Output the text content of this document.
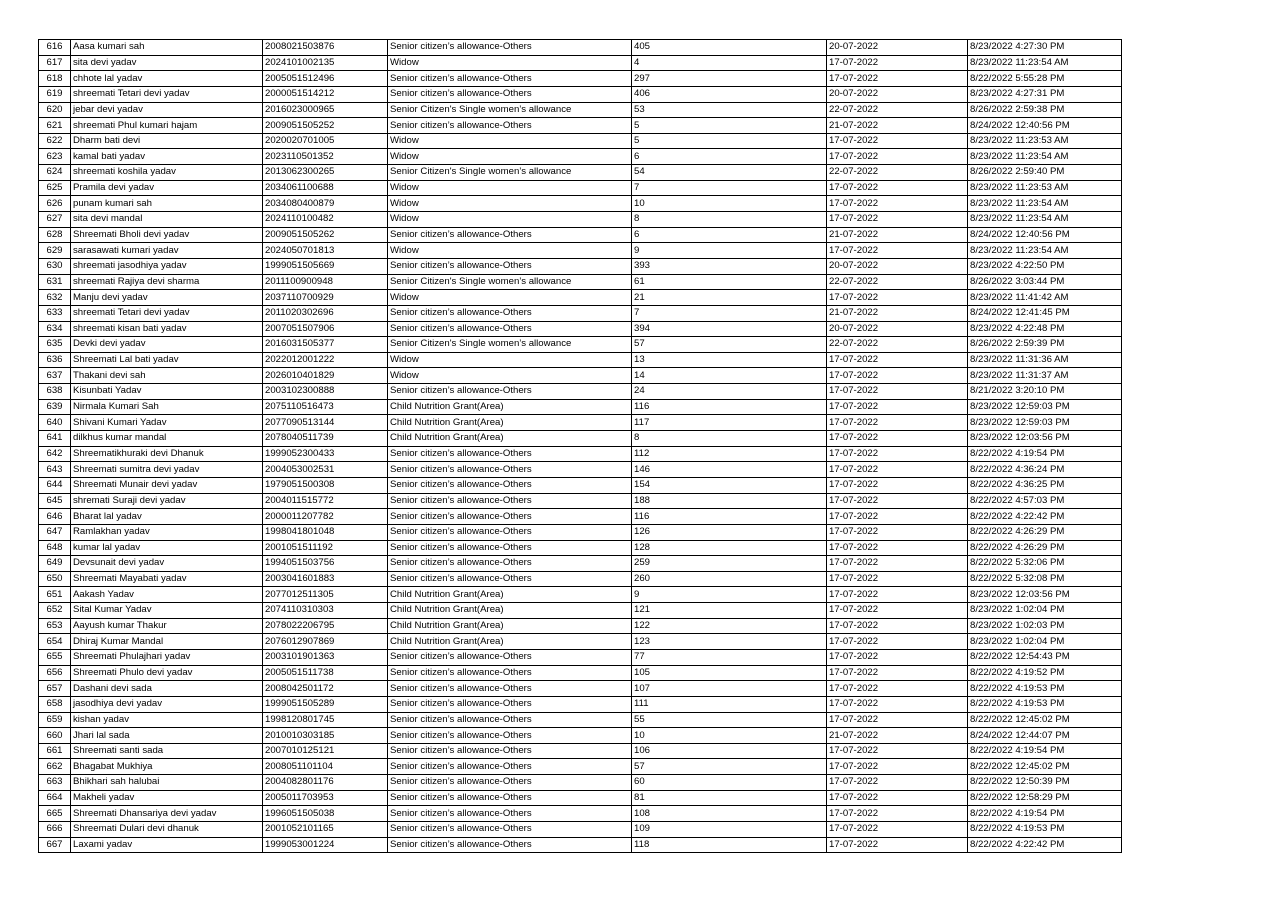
616	Aasa kumari sah	2008021503876	Senior citizen’s allowance-Others	405	20-07-2022	8/23/2022 4:27:30 PM
617	sita devi yadav	2024101002135	Widow	4	17-07-2022	8/23/2022 11:23:54 AM
618	chhote lal yadav	2005051512496	Senior citizen’s allowance-Others	297	17-07-2022	8/22/2022 5:55:28 PM
619	shreemati Tetari devi yadav	2000051514212	Senior citizen’s allowance-Others	406	20-07-2022	8/23/2022 4:27:31 PM
620	jebar devi yadav	2016023000965	Senior Citizen's Single women’s allowance	53	22-07-2022	8/26/2022 2:59:38 PM
621	shreemati Phul kumari hajam	2009051505252	Senior citizen’s allowance-Others	5	21-07-2022	8/24/2022 12:40:56 PM
622	Dharm bati devi	2020020701005	Widow	5	17-07-2022	8/23/2022 11:23:53 AM
623	kamal bati yadav	2023110501352	Widow	6	17-07-2022	8/23/2022 11:23:54 AM
624	shreemati koshila yadav	2013062300265	Senior Citizen's Single women’s allowance	54	22-07-2022	8/26/2022 2:59:40 PM
625	Pramila devi yadav	2034061100688	Widow	7	17-07-2022	8/23/2022 11:23:53 AM
626	punam kumari sah	2034080400879	Widow	10	17-07-2022	8/23/2022 11:23:54 AM
627	sita devi mandal	2024110100482	Widow	8	17-07-2022	8/23/2022 11:23:54 AM
628	Shreemati Bholi devi yadav	2009051505262	Senior citizen’s allowance-Others	6	21-07-2022	8/24/2022 12:40:56 PM
629	sarasawati kumari yadav	2024050701813	Widow	9	17-07-2022	8/23/2022 11:23:54 AM
630	shreemati jasodhiya yadav	1999051505669	Senior citizen’s allowance-Others	393	20-07-2022	8/23/2022 4:22:50 PM
631	shreemati Rajiya devi sharma	2011100900948	Senior Citizen's Single women’s allowance	61	22-07-2022	8/26/2022 3:03:44 PM
632	Manju devi yadav	2037110700929	Widow	21	17-07-2022	8/23/2022 11:41:42 AM
633	shreemati Tetari devi yadav	2011020302696	Senior citizen’s allowance-Others	7	21-07-2022	8/24/2022 12:41:45 PM
634	shreemati kisan bati yadav	2007051507906	Senior citizen’s allowance-Others	394	20-07-2022	8/23/2022 4:22:48 PM
635	Devki devi yadav	2016031505377	Senior Citizen's Single women’s allowance	57	22-07-2022	8/26/2022 2:59:39 PM
636	Shreemati Lal bati yadav	2022012001222	Widow	13	17-07-2022	8/23/2022 11:31:36 AM
637	Thakani devi sah	2026010401829	Widow	14	17-07-2022	8/23/2022 11:31:37 AM
638	Kisunbati Yadav	2003102300888	Senior citizen’s allowance-Others	24	17-07-2022	8/21/2022 3:20:10 PM
639	Nirmala Kumari Sah	2075110516473	Child Nutrition Grant(Area)	116	17-07-2022	8/23/2022 12:59:03 PM
640	Shivani Kumari Yadav	2077090513144	Child Nutrition Grant(Area)	117	17-07-2022	8/23/2022 12:59:03 PM
641	dilkhus kumar mandal	2078040511739	Child Nutrition Grant(Area)	8	17-07-2022	8/23/2022 12:03:56 PM
642	Shreematikhuraki devi Dhanuk	1999052300433	Senior citizen’s allowance-Others	112	17-07-2022	8/22/2022 4:19:54 PM
643	Shreemati sumitra devi yadav	2004053002531	Senior citizen’s allowance-Others	146	17-07-2022	8/22/2022 4:36:24 PM
644	Shreemati Munair devi yadav	1979051500308	Senior citizen’s allowance-Others	154	17-07-2022	8/22/2022 4:36:25 PM
645	shremati Suraji devi yadav	2004011515772	Senior citizen’s allowance-Others	188	17-07-2022	8/22/2022 4:57:03 PM
646	Bharat lal yadav	2000011207782	Senior citizen’s allowance-Others	116	17-07-2022	8/22/2022 4:22:42 PM
647	Ramlakhan yadav	1998041801048	Senior citizen’s allowance-Others	126	17-07-2022	8/22/2022 4:26:29 PM
648	kumar lal yadav	2001051511192	Senior citizen’s allowance-Others	128	17-07-2022	8/22/2022 4:26:29 PM
649	Devsunait devi yadav	1994051503756	Senior citizen’s allowance-Others	259	17-07-2022	8/22/2022 5:32:06 PM
650	Shreemati Mayabati yadav	2003041601883	Senior citizen’s allowance-Others	260	17-07-2022	8/22/2022 5:32:08 PM
651	Aakash Yadav	2077012511305	Child Nutrition Grant(Area)	9	17-07-2022	8/23/2022 12:03:56 PM
652	Sital Kumar Yadav	2074110310303	Child Nutrition Grant(Area)	121	17-07-2022	8/23/2022 1:02:04 PM
653	Aayush kumar Thakur	2078022206795	Child Nutrition Grant(Area)	122	17-07-2022	8/23/2022 1:02:03 PM
654	Dhiraj Kumar Mandal	2076012907869	Child Nutrition Grant(Area)	123	17-07-2022	8/23/2022 1:02:04 PM
655	Shreemati Phulajhari yadav	2003101901363	Senior citizen’s allowance-Others	77	17-07-2022	8/22/2022 12:54:43 PM
656	Shreemati Phulo devi yadav	2005051511738	Senior citizen’s allowance-Others	105	17-07-2022	8/22/2022 4:19:52 PM
657	Dashani devi sada	2008042501172	Senior citizen’s allowance-Others	107	17-07-2022	8/22/2022 4:19:53 PM
658	jasodhiya devi yadav	1999051505289	Senior citizen’s allowance-Others	111	17-07-2022	8/22/2022 4:19:53 PM
659	kishan yadav	1998120801745	Senior citizen’s allowance-Others	55	17-07-2022	8/22/2022 12:45:02 PM
660	Jhari lal sada	2010010303185	Senior citizen’s allowance-Others	10	21-07-2022	8/24/2022 12:44:07 PM
661	Shreemati santi sada	2007010125121	Senior citizen’s allowance-Others	106	17-07-2022	8/22/2022 4:19:54 PM
662	Bhagabat Mukhiya	2008051101104	Senior citizen’s allowance-Others	57	17-07-2022	8/22/2022 12:45:02 PM
663	Bhikhari sah halubai	2004082801176	Senior citizen’s allowance-Others	60	17-07-2022	8/22/2022 12:50:39 PM
664	Makheli yadav	2005011703953	Senior citizen’s allowance-Others	81	17-07-2022	8/22/2022 12:58:29 PM
665	Shreemati Dhansariya devi yadav	1996051505038	Senior citizen’s allowance-Others	108	17-07-2022	8/22/2022 4:19:54 PM
666	Shreemati Dulari devi dhanuk	2001052101165	Senior citizen’s allowance-Others	109	17-07-2022	8/22/2022 4:19:53 PM
667	Laxami yadav	1999053001224	Senior citizen’s allowance-Others	118	17-07-2022	8/22/2022 4:22:42 PM
